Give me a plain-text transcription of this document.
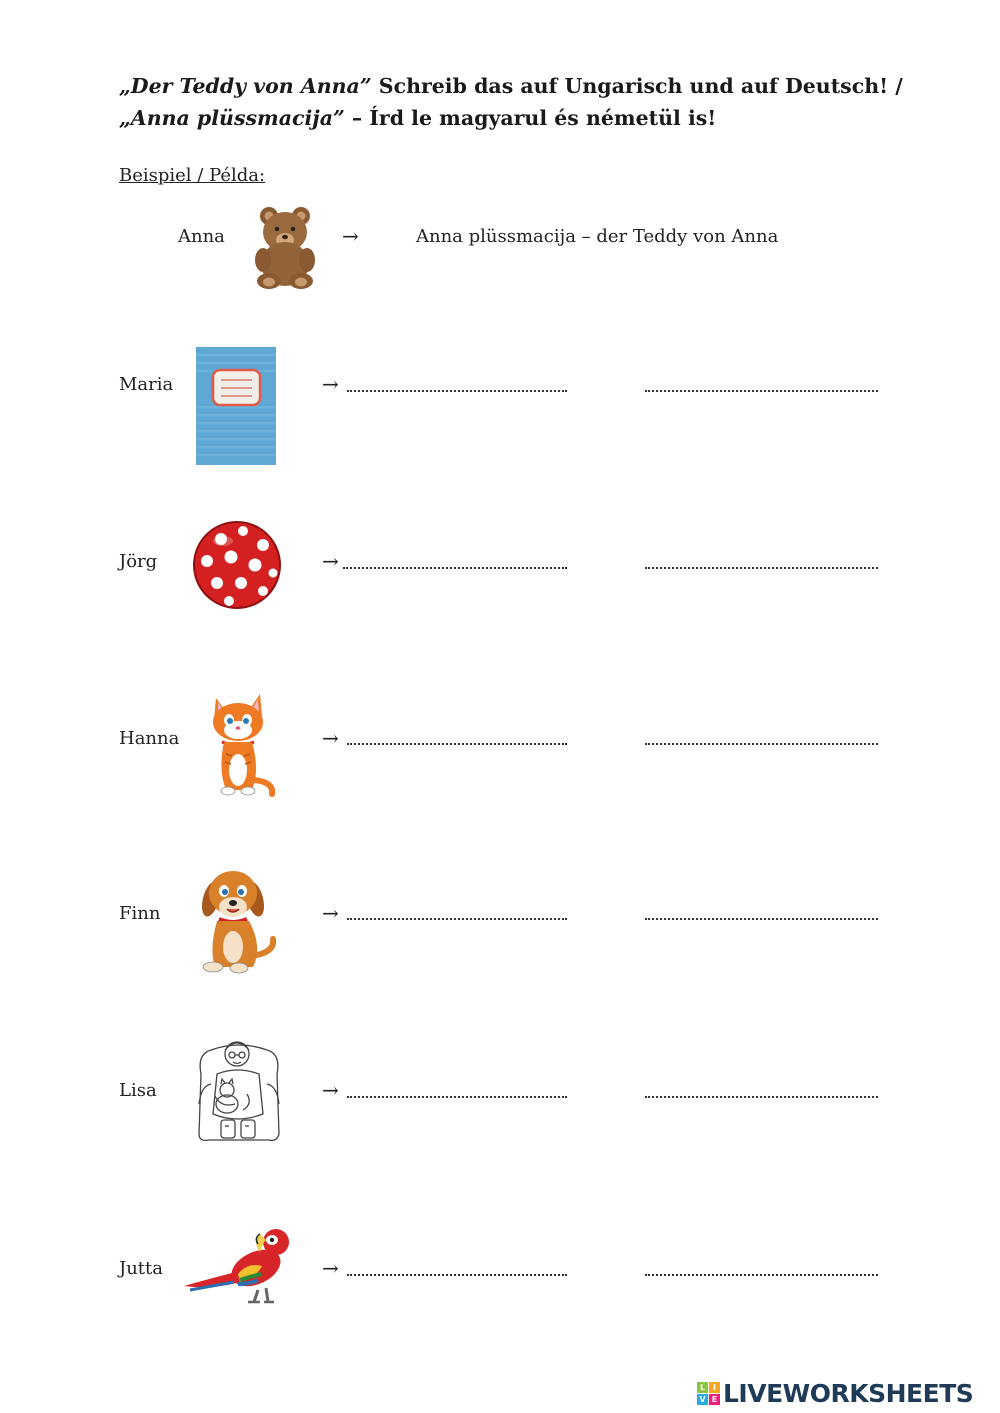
„Der Teddy von Anna” Schreib das auf Ungarisch und auf Deutsch! /
„Anna plüssmacija” – Írd le magyarul és németül is!
Beispiel / Példa:
Anna	→	Anna plüssmacija – der Teddy von Anna
Maria	→
Jörg	→
Hanna	→
Finn	→
Lisa	→
Jutta	→
L I
V E LIVEWORKSHEETS
